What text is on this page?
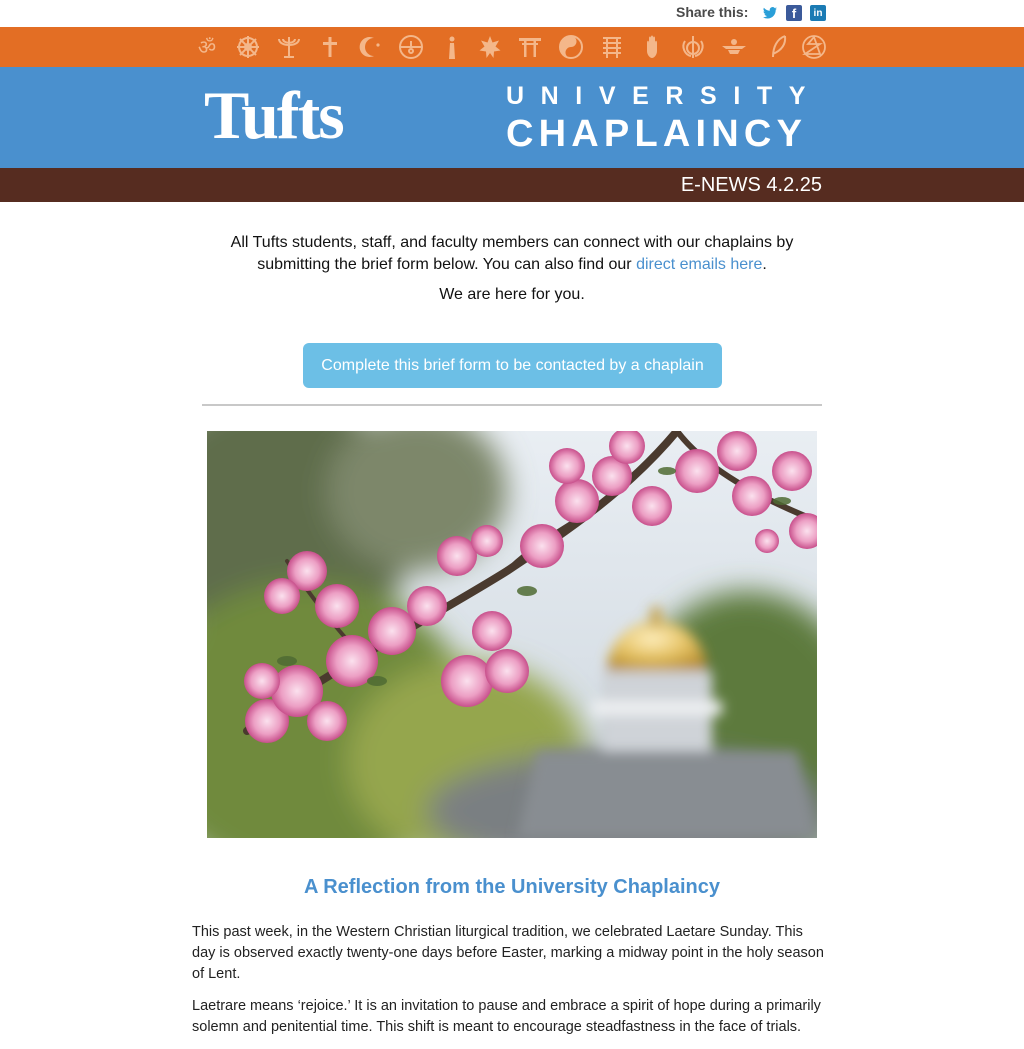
Share this:	f	in
ॐ
Tufts	UNIVERSITY
CHAPLAINCY
E-NEWS 4.2.25

All Tufts students, staff, and faculty members can connect with our chaplains by submitting the brief form below. You can also find our direct emails here.

We are here for you.
Complete this brief form to be contacted by a chaplain
A Reflection from the University Chaplaincy

This past week, in the Western Christian liturgical tradition, we celebrated Laetare Sunday. This day is observed exactly twenty-one days before Easter, marking a midway point in the holy season of Lent.

Laetrare means ‘rejoice.’ It is an invitation to pause and embrace a spirit of hope during a primarily solemn and penitential time. This shift is meant to encourage steadfastness in the face of trials.
